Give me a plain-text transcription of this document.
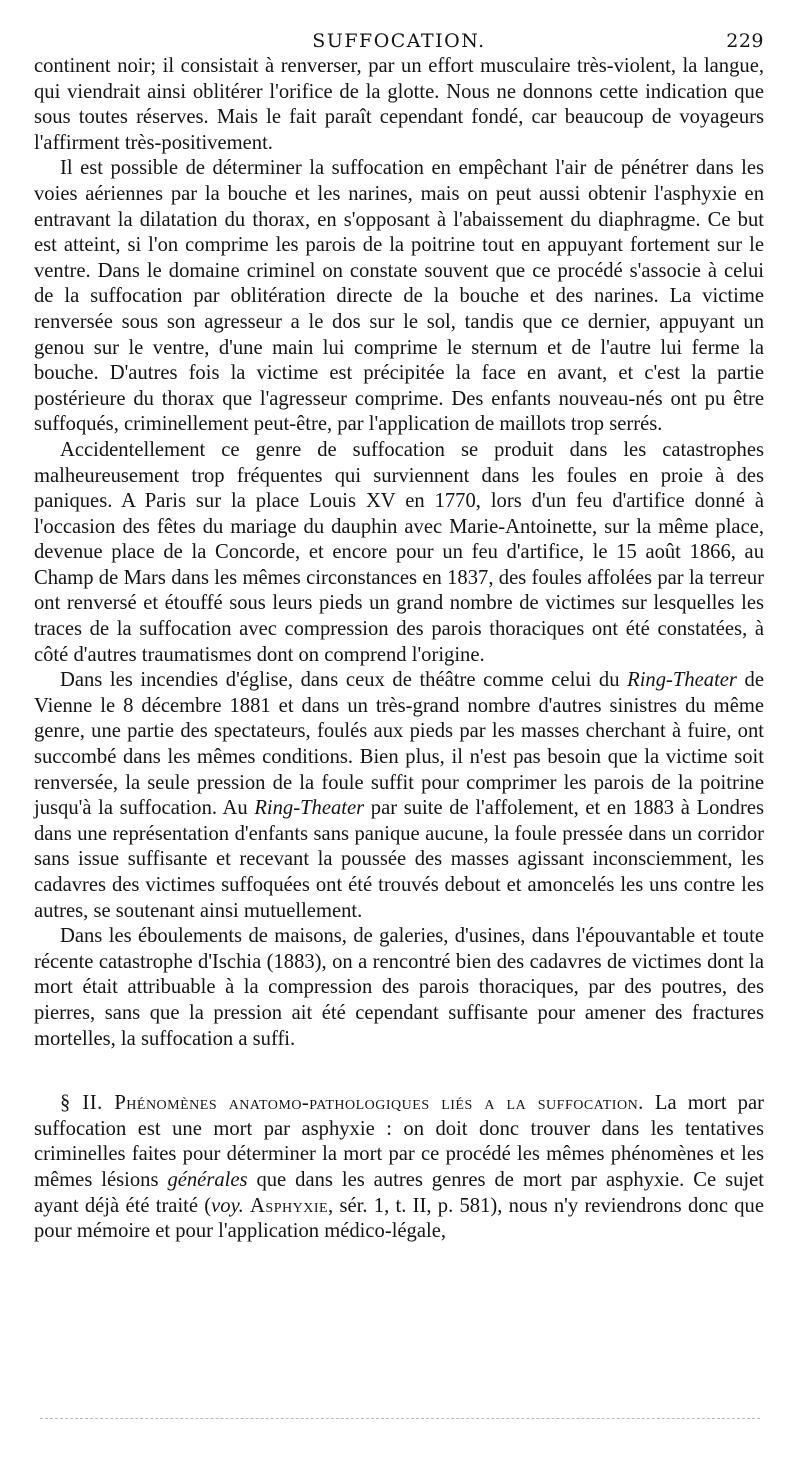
SUFFOCATION.	229

continent noir; il consistait à renverser, par un effort musculaire très-violent, la langue, qui viendrait ainsi oblitérer l'orifice de la glotte. Nous ne donnons cette indication que sous toutes réserves. Mais le fait paraît cependant fondé, car beaucoup de voyageurs l'affirment très-positivement.

Il est possible de déterminer la suffocation en empêchant l'air de pénétrer dans les voies aériennes par la bouche et les narines, mais on peut aussi obtenir l'asphyxie en entravant la dilatation du thorax, en s'opposant à l'abaissement du diaphragme. Ce but est atteint, si l'on comprime les parois de la poitrine tout en appuyant fortement sur le ventre. Dans le domaine criminel on constate souvent que ce procédé s'associe à celui de la suffocation par oblitération directe de la bouche et des narines. La victime renversée sous son agresseur a le dos sur le sol, tandis que ce dernier, appuyant un genou sur le ventre, d'une main lui comprime le sternum et de l'autre lui ferme la bouche. D'autres fois la victime est précipitée la face en avant, et c'est la partie postérieure du thorax que l'agresseur comprime. Des enfants nouveau-nés ont pu être suffoqués, criminellement peut-être, par l'application de maillots trop serrés.

Accidentellement ce genre de suffocation se produit dans les catastrophes malheureusement trop fréquentes qui surviennent dans les foules en proie à des paniques. A Paris sur la place Louis XV en 1770, lors d'un feu d'artifice donné à l'occasion des fêtes du mariage du dauphin avec Marie-Antoinette, sur la même place, devenue place de la Concorde, et encore pour un feu d'artifice, le 15 août 1866, au Champ de Mars dans les mêmes circonstances en 1837, des foules affolées par la terreur ont renversé et étouffé sous leurs pieds un grand nombre de victimes sur lesquelles les traces de la suffocation avec compression des parois thoraciques ont été constatées, à côté d'autres traumatismes dont on comprend l'origine.

Dans les incendies d'église, dans ceux de théâtre comme celui du Ring-Theater de Vienne le 8 décembre 1881 et dans un très-grand nombre d'autres sinistres du même genre, une partie des spectateurs, foulés aux pieds par les masses cherchant à fuire, ont succombé dans les mêmes conditions. Bien plus, il n'est pas besoin que la victime soit renversée, la seule pression de la foule suffit pour comprimer les parois de la poitrine jusqu'à la suffocation. Au Ring-Theater par suite de l'affolement, et en 1883 à Londres dans une représentation d'enfants sans panique aucune, la foule pressée dans un corridor sans issue suffisante et recevant la poussée des masses agissant inconsciemment, les cadavres des victimes suffoquées ont été trouvés debout et amoncelés les uns contre les autres, se soutenant ainsi mutuellement.

Dans les éboulements de maisons, de galeries, d'usines, dans l'épouvantable et toute récente catastrophe d'Ischia (1883), on a rencontré bien des cadavres de victimes dont la mort était attribuable à la compression des parois thoraciques, par des poutres, des pierres, sans que la pression ait été cependant suffisante pour amener des fractures mortelles, la suffocation a suffi.

§ II. Phénomènes anatomo-pathologiques liés a la suffocation. La mort par suffocation est une mort par asphyxie : on doit donc trouver dans les tentatives criminelles faites pour déterminer la mort par ce procédé les mêmes phénomènes et les mêmes lésions générales que dans les autres genres de mort par asphyxie. Ce sujet ayant déjà été traité (voy. Asphyxie, sér. 1, t. II, p. 581), nous n'y reviendrons donc que pour mémoire et pour l'application médico-légale,
